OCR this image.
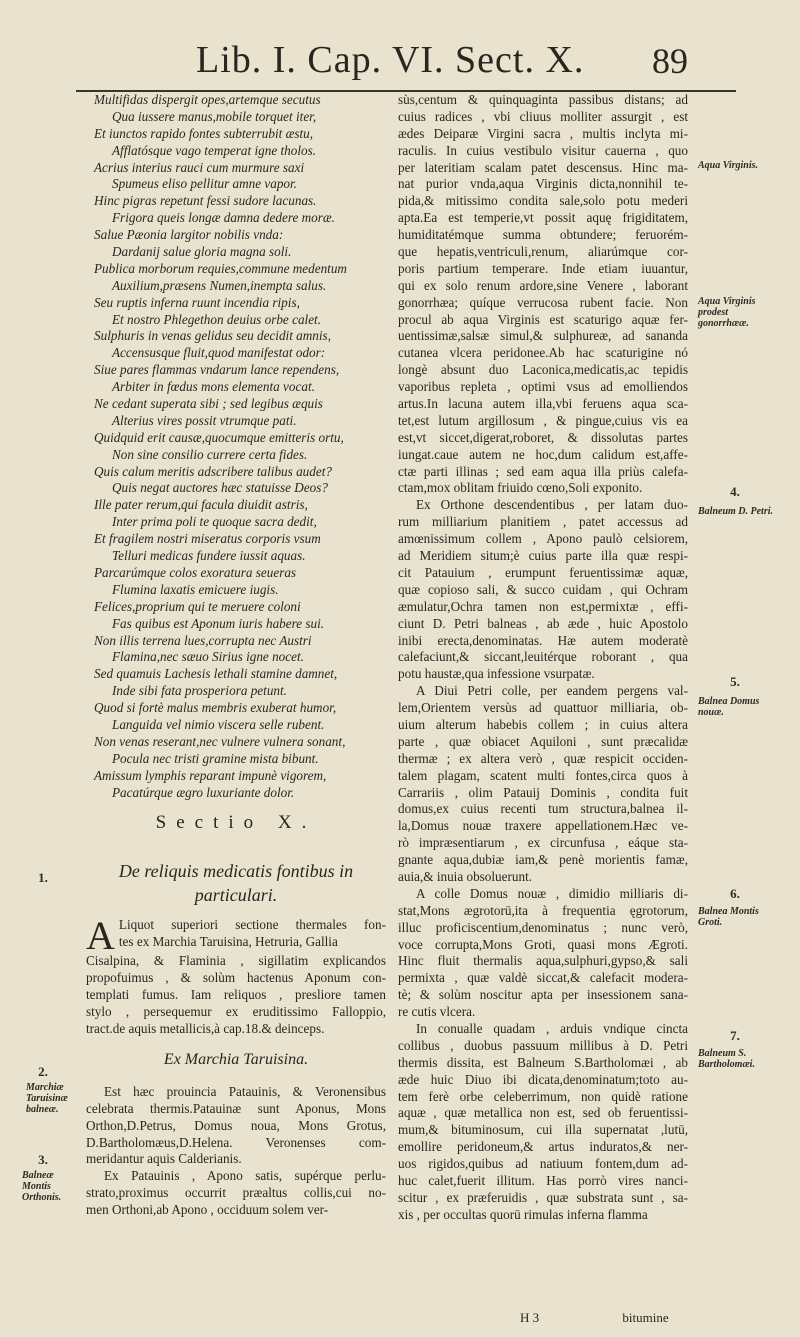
Lib. I. Cap. VI. Sect. X. 89
Multifidas dispergit opes,artemque secutus
Qua iussere manus,mobile torquet iter,
Et iunctos rapido fontes subterrubit æstu,
Afflatósque vago temperat igne tholos.
Acrius interius rauci cum murmure saxi
Spumeus eliso pellitur amne vapor.
Hinc pigras repetunt fessi sudore lacunas.
Frigora queis longæ damna dedere moræ.
Salue Pæonia largitor nobilis vnda:
Dardanij salue gloria magna soli.
Publica morborum requies,commune medentum
Auxilium,præsens Numen,inempta salus.
Seu ruptis inferna ruunt incendia ripis,
Et nostro Phlegethon deuius orbe calet.
Sulphuris in venas gelidus seu decidit amnis,
Accensusque fluit,quod manifestat odor:
Siue pares flammas vndarum lance rependens,
Arbiter in fœdus mons elementa vocat.
Ne cedant superata sibi ; sed legibus æquis
Alterius vires possit vtrumque pati.
Quidquid erit causæ,quocumque emitteris ortu,
Non sine consilio currere certa fides.
Quis calum meritis adscribere talibus audet?
Quis negat auctores hæc statuisse Deos?
Ille pater rerum,qui facula diuidit astris,
Inter prima poli te quoque sacra dedit,
Et fragilem nostri miseratus corporis vsum
Telluri medicas fundere iussit aquas.
Parcarúmque colos exoratura seueras
Flumina laxatis emicuere iugis.
Felices,proprium qui te meruere coloni
Fas quibus est Aponum iuris habere sui.
Non illis terrena lues,corrupta nec Austri
Flamina,nec sæuo Sirius igne nocet.
Sed quamuis Lachesis lethali stamine damnet,
Inde sibi fata prosperiora petunt.
Quod si fortè malus membris exuberat humor,
Languida vel nimio viscera selle rubent.
Non venas reserant,nec vulnere vulnera sonant,
Pocula nec tristi gramine mista bibunt.
Amissum lymphis reparant impunè vigorem,
Pacatúrque ægro luxuriante dolor.
Sectio X.
De reliquis medicatis fontibus in
particulari.
A Liquot superiori sectione thermales fon-
tes ex Marchia Taruisina, Hetruria, Gallia
Cisalpina, & Flaminia , sigillatim explicandos
propofuimus , & solùm hactenus Aponum con-
templati fumus. Iam reliquos , presliore tamen
stylo , persequemur ex eruditissimo Falloppio,
tract.de aquis metallicis,à cap.18.& deinceps.
Ex Marchia Taruisina.
Est hæc prouincia Patauinis, & Veronensibus
celebrata thermis.Patauinæ sunt Aponus, Mons
Orthon,D.Petrus, Domus noua, Mons Grotus,
D.Bartholomæus,D.Helena. Veronenses com-
meridantur aquis Calderianis.
Ex Patauinis , Apono satis, supérque perlu-
strato,proximus occurrit præaltus collis,cui no-
men Orthoni,ab Apono , occiduum solem ver-
sùs,centum & quinquaginta passibus distans; ad
cuius radices , vbi cliuus molliter assurgit , est
ædes Deiparæ Virgini sacra , multis inclyta mi-
raculis. In cuius vestibulo visitur cauerna , quo
per lateritiam scalam patet descensus. Hinc ma-
nat purior vnda,aqua Virginis dicta,nonnihil te-
pida,& mitissimo condita sale,solo potu mederi
apta.Ea est temperie,vt possit aquę frigiditatem,
humiditatémque summa obtundere; feruorém-
que hepatis,ventriculi,renum, aliarúmque cor-
poris partium temperare. Inde etiam iuuantur,
qui ex solo renum ardore,sine Venere , laborant
gonorrhæa; quíque verrucosa rubent facie. Non
procul ab aqua Virginis est scaturigo aquæ fer-
uentissimæ,salsæ simul,& sulphureæ, ad sananda
cutanea vlcera peridonee.Ab hac scaturigine nó
longè absunt duo Laconica,medicatis,ac tepidis
vaporibus repleta , optimi vsus ad emolliendos
artus.In lacuna autem illa,vbi feruens aqua sca-
tet,est lutum argillosum , & pingue,cuius vis ea
est,vt siccet,digerat,roboret, & dissolutas partes
iungat.caue autem ne hoc,dum calidum est,affe-
ctæ parti illinas ; sed eam aqua illa priùs calefa-
ctam,mox oblitam friuido cœno,Soli exponito.
Ex Orthone descendentibus , per latam duo-
rum milliarium planitiem , patet accessus ad
amœnissimum collem , Apono paulò celsiorem,
ad Meridiem situm;è cuius parte illa quæ respi-
cit Patauium , erumpunt feruentissimæ aquæ,
quæ copioso sali, & succo cuidam , qui Ochram
æmulatur,Ochra tamen non est,permixtæ , effi-
ciunt D. Petri balneas , ab æde , huic Apostolo
inibi erecta,denominatas. Hæ autem moderatè
calefaciunt,& siccant,leuitérque roborant , qua
potu haustæ,qua infessione vsurpatæ.
A Diui Petri colle, per eandem pergens val-
lem,Orientem versùs ad quattuor milliaria, ob-
uium alterum habebis collem ; in cuius altera
parte , quæ obiacet Aquiloni , sunt præcalidæ
thermæ ; ex altera verò , quæ respicit occiden-
talem plagam, scatent multi fontes,circa quos à
Carrariis , olim Patauij Dominis , condita fuit
domus,ex cuius recenti tum structura,balnea il-
la,Domus nouæ traxere appellationem.Hæc ve-
rò impræsentiarum , ex circunfusa , eáque sta-
gnante aqua,dubiæ iam,& penè morientis famæ,
auia,& inuia obsoluerunt.
A colle Domus nouæ , dimidio milliaris di-
stat,Mons ægrotorū,ita à frequentia ęgrotorum,
illuc proficiscentium,denominatus ; nunc verò,
voce corrupta,Mons Groti, quasi mons Ægroti.
Hinc fluit thermalis aqua,sulphuri,gypso,& sali
permixta , quæ valdè siccat,& calefacit modera-
tè; & solùm noscitur apta per insessionem sana-
re cutis vlcera.
In conualle quadam , arduis vndique cincta
collibus , duobus passuum millibus à D. Petri
thermis dissita, est Balneum S.Bartholomæi , ab
æde huic Diuo ibi dicata,denominatum;toto au-
tem ferè orbe celeberrimum, non quidè ratione
aquæ , quæ metallica non est, sed ob feruentissi-
mum,& bituminosum, cui illa supernatat ,lutū,
emollire peridoneum,& artus induratos,& ner-
uos rigidos,quibus ad natiuum fontem,dum ad-
huc calet,fuerit illitum. Has porrò vires nanci-
scitur , ex præferuidis , quæ substrata sunt , sa-
xis , per occultas quorū rimulas inferna flamma
Aqua Virginis.
Aqua Virginis prodest gonorrhææ.
4.
Balneum D. Petri.
5.
Balnea Domus nouæ.
6.
Balnea Montis Groti.
7.
Balneum S. Bartholomæi.
1.
2.
Marchiæ Taruisinæ balneæ.
3.
Balneæ Montis Orthonis.
H 3	bitumine
